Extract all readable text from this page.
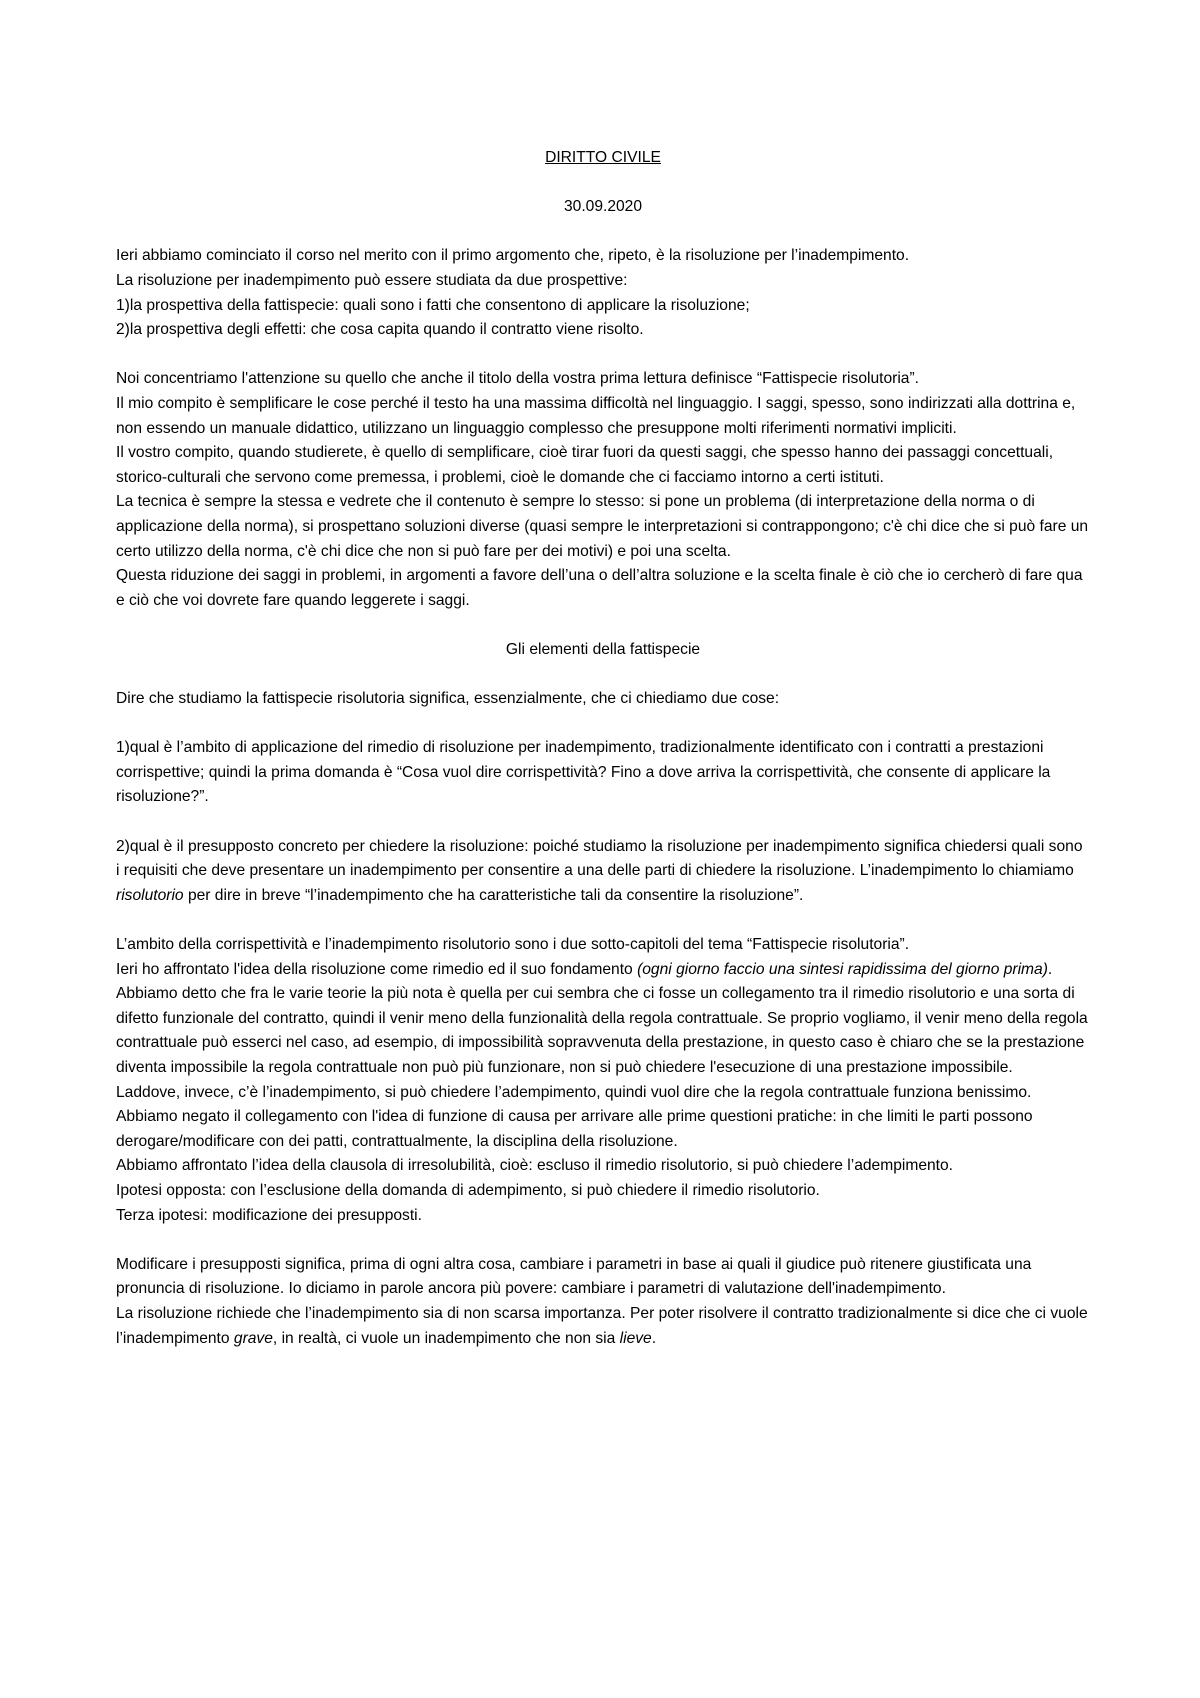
DIRITTO CIVILE

30.09.2020

Ieri abbiamo cominciato il corso nel merito con il primo argomento che, ripeto, è la risoluzione per l’inadempimento.

La risoluzione per inadempimento può essere studiata da due prospettive:

1)la prospettiva della fattispecie: quali sono i fatti che consentono di applicare la risoluzione;

2)la prospettiva degli effetti: che cosa capita quando il contratto viene risolto.

Noi concentriamo l'attenzione su quello che anche il titolo della vostra prima lettura definisce “Fattispecie risolutoria”.

Il mio compito è semplificare le cose perché il testo ha una massima difficoltà nel linguaggio. I saggi, spesso, sono indirizzati alla dottrina e, non essendo un manuale didattico, utilizzano un linguaggio complesso che presuppone molti riferimenti normativi impliciti.

Il vostro compito, quando studierete, è quello di semplificare, cioè tirar fuori da questi saggi, che spesso hanno dei passaggi concettuali, storico-culturali che servono come premessa, i problemi, cioè le domande che ci facciamo intorno a certi istituti.

La tecnica è sempre la stessa e vedrete che il contenuto è sempre lo stesso: si pone un problema (di interpretazione della norma o di applicazione della norma), si prospettano soluzioni diverse (quasi sempre le interpretazioni si contrappongono; c'è chi dice che si può fare un certo utilizzo della norma, c'è chi dice che non si può fare per dei motivi) e poi una scelta.

Questa riduzione dei saggi in problemi, in argomenti a favore dell’una o dell’altra soluzione e la scelta finale è ciò che io cercherò di fare qua e ciò che voi dovrete fare quando leggerete i saggi.

Gli elementi della fattispecie

Dire che studiamo la fattispecie risolutoria significa, essenzialmente, che ci chiediamo due cose:

1)qual è l’ambito di applicazione del rimedio di risoluzione per inadempimento, tradizionalmente identificato con i contratti a prestazioni corrispettive; quindi la prima domanda è “Cosa vuol dire corrispettività? Fino a dove arriva la corrispettività, che consente di applicare la risoluzione?”.

2)qual è il presupposto concreto per chiedere la risoluzione: poiché studiamo la risoluzione per inadempimento significa chiedersi quali sono i requisiti che deve presentare un inadempimento per consentire a una delle parti di chiedere la risoluzione. L’inadempimento lo chiamiamo risolutorio per dire in breve “l’inadempimento che ha caratteristiche tali da consentire la risoluzione”.

L’ambito della corrispettività e l’inadempimento risolutorio sono i due sotto-capitoli del tema “Fattispecie risolutoria”.

Ieri ho affrontato l'idea della risoluzione come rimedio ed il suo fondamento (ogni giorno faccio una sintesi rapidissima del giorno prima). Abbiamo detto che fra le varie teorie la più nota è quella per cui sembra che ci fosse un collegamento tra il rimedio risolutorio e una sorta di difetto funzionale del contratto, quindi il venir meno della funzionalità della regola contrattuale. Se proprio vogliamo, il venir meno della regola contrattuale può esserci nel caso, ad esempio, di impossibilità sopravvenuta della prestazione, in questo caso è chiaro che se la prestazione diventa impossibile la regola contrattuale non può più funzionare, non si può chiedere l'esecuzione di una prestazione impossibile.

Laddove, invece, c’è l’inadempimento, si può chiedere l’adempimento, quindi vuol dire che la regola contrattuale funziona benissimo.

Abbiamo negato il collegamento con l'idea di funzione di causa per arrivare alle prime questioni pratiche: in che limiti le parti possono derogare/modificare con dei patti, contrattualmente, la disciplina della risoluzione.

Abbiamo affrontato l’idea della clausola di irresolubilità, cioè: escluso il rimedio risolutorio, si può chiedere l’adempimento.

Ipotesi opposta: con l’esclusione della domanda di adempimento, si può chiedere il rimedio risolutorio.

Terza ipotesi: modificazione dei presupposti.

Modificare i presupposti significa, prima di ogni altra cosa, cambiare i parametri in base ai quali il giudice può ritenere giustificata una pronuncia di risoluzione. Io diciamo in parole ancora più povere: cambiare i parametri di valutazione dell'inadempimento.

La risoluzione richiede che l’inadempimento sia di non scarsa importanza. Per poter risolvere il contratto tradizionalmente si dice che ci vuole l’inadempimento grave, in realtà, ci vuole un inadempimento che non sia lieve.
